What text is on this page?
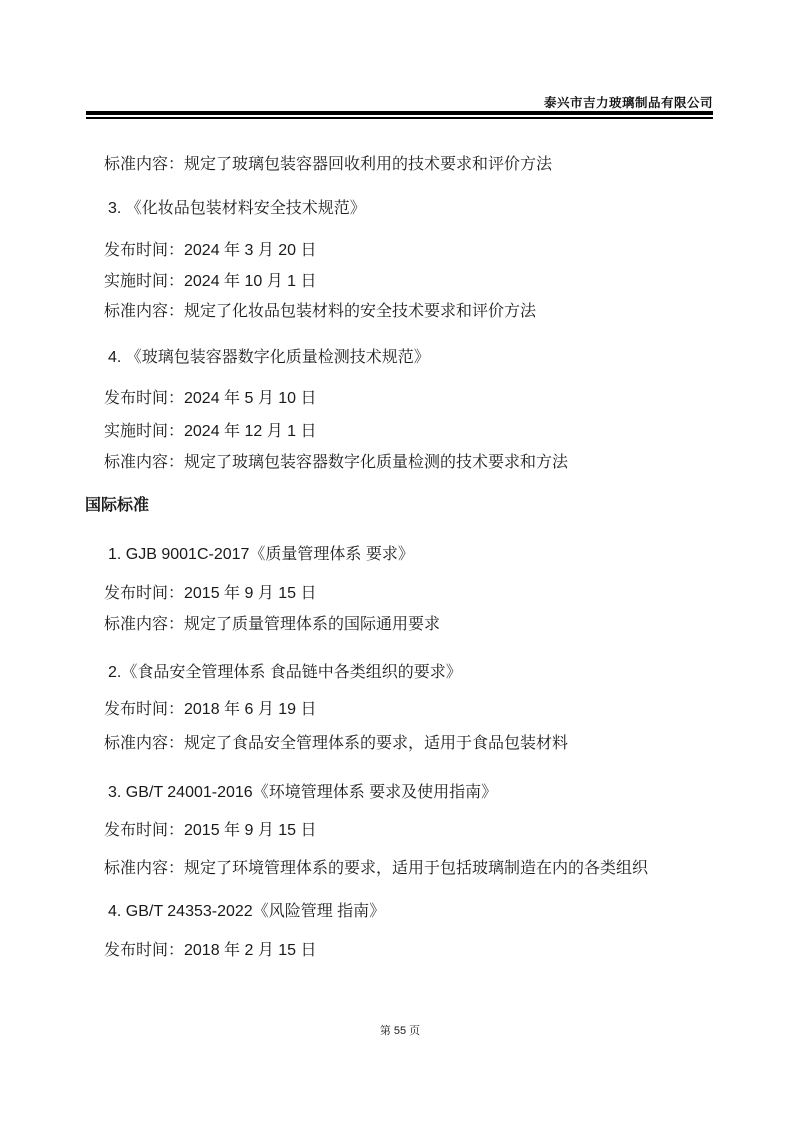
泰兴市吉力玻璃制品有限公司

标准内容：规定了玻璃包装容器回收利用的技术要求和评价方法

3. 《化妆品包装材料安全技术规范》

发布时间：2024 年 3 月 20 日

实施时间：2024 年 10 月 1 日

标准内容：规定了化妆品包装材料的安全技术要求和评价方法

4. 《玻璃包装容器数字化质量检测技术规范》

发布时间：2024 年 5 月 10 日

实施时间：2024 年 12 月 1 日

标准内容：规定了玻璃包装容器数字化质量检测的技术要求和方法

国际标准

1. GJB 9001C-2017《质量管理体系 要求》

发布时间：2015 年 9 月 15 日

标准内容：规定了质量管理体系的国际通用要求

2.《食品安全管理体系 食品链中各类组织的要求》

发布时间：2018 年 6 月 19 日

标准内容：规定了食品安全管理体系的要求，适用于食品包装材料

3. GB/T 24001-2016《环境管理体系 要求及使用指南》

发布时间：2015 年 9 月 15 日

标准内容：规定了环境管理体系的要求，适用于包括玻璃制造在内的各类组织

4. GB/T 24353-2022《风险管理 指南》

发布时间：2018 年 2 月 15 日

第 55 页
